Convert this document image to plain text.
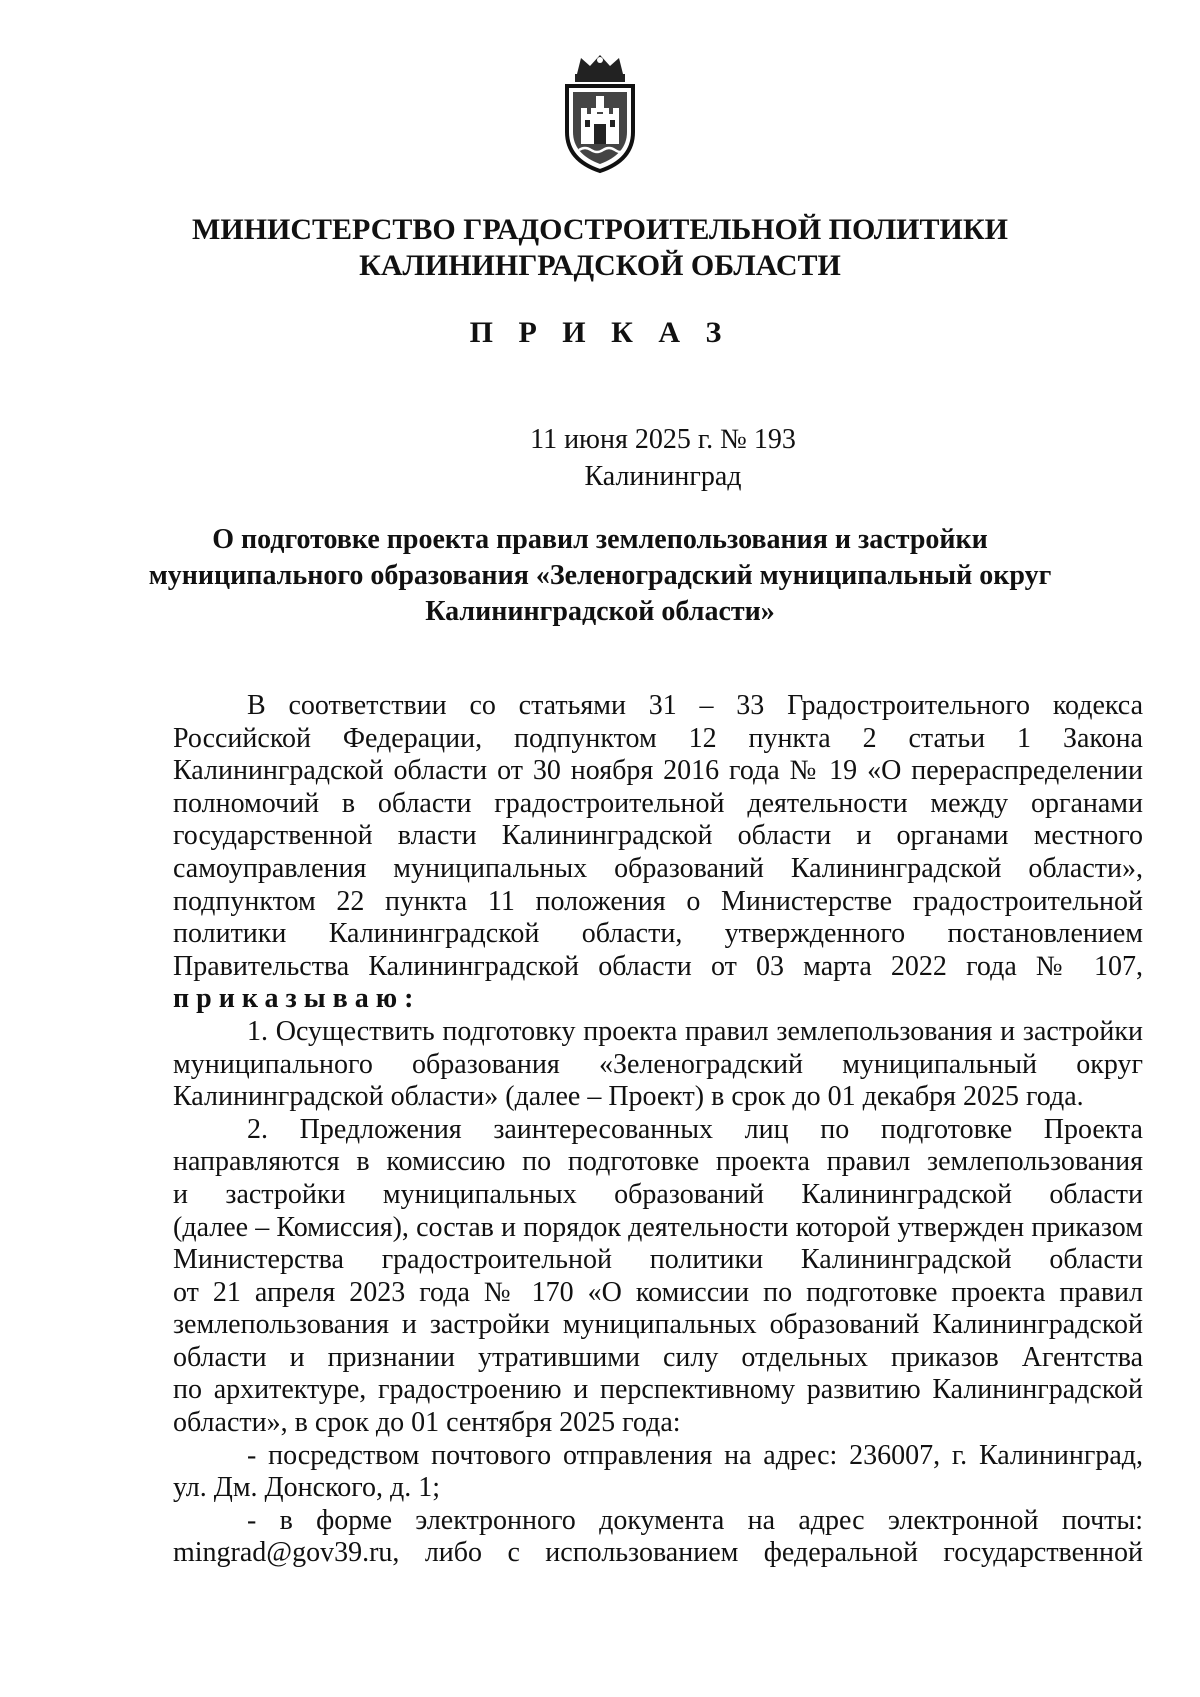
МИНИСТЕРСТВО ГРАДОСТРОИТЕЛЬНОЙ ПОЛИТИКИ
КАЛИНИНГРАДСКОЙ ОБЛАСТИ
П Р И К А З
11 июня 2025 г. № 193
Калининград
О подготовке проекта правил землепользования и застройки
муниципального образования «Зеленоградский муниципальный округ
Калининградской области»
В соответствии со статьями 31 – 33 Градостроительного кодекса
Российской Федерации, подпунктом 12 пункта 2 статьи 1 Закона
Калининградской области от 30 ноября 2016 года № 19 «О перераспределении
полномочий в области градостроительной деятельности между органами
государственной власти Калининградской области и органами местного
самоуправления муниципальных образований Калининградской области»,
подпунктом 22 пункта 11 положения о Министерстве градостроительной
политики Калининградской области, утвержденного постановлением
Правительства Калининградской области от 03 марта 2022 года № 107,
приказываю:
1. Осуществить подготовку проекта правил землепользования и застройки
муниципального образования «Зеленоградский муниципальный округ
Калининградской области» (далее – Проект) в срок до 01 декабря 2025 года.
2. Предложения заинтересованных лиц по подготовке Проекта
направляются в комиссию по подготовке проекта правил землепользования
и застройки муниципальных образований Калининградской области
(далее – Комиссия), состав и порядок деятельности которой утвержден приказом
Министерства градостроительной политики Калининградской области
от 21 апреля 2023 года № 170 «О комиссии по подготовке проекта правил
землепользования и застройки муниципальных образований Калининградской
области и признании утратившими силу отдельных приказов Агентства
по архитектуре, градостроению и перспективному развитию Калининградской
области», в срок до 01 сентября 2025 года:
- посредством почтового отправления на адрес: 236007, г. Калининград,
ул. Дм. Донского, д. 1;
- в форме электронного документа на адрес электронной почты:
mingrad@gov39.ru, либо с использованием федеральной государственной
